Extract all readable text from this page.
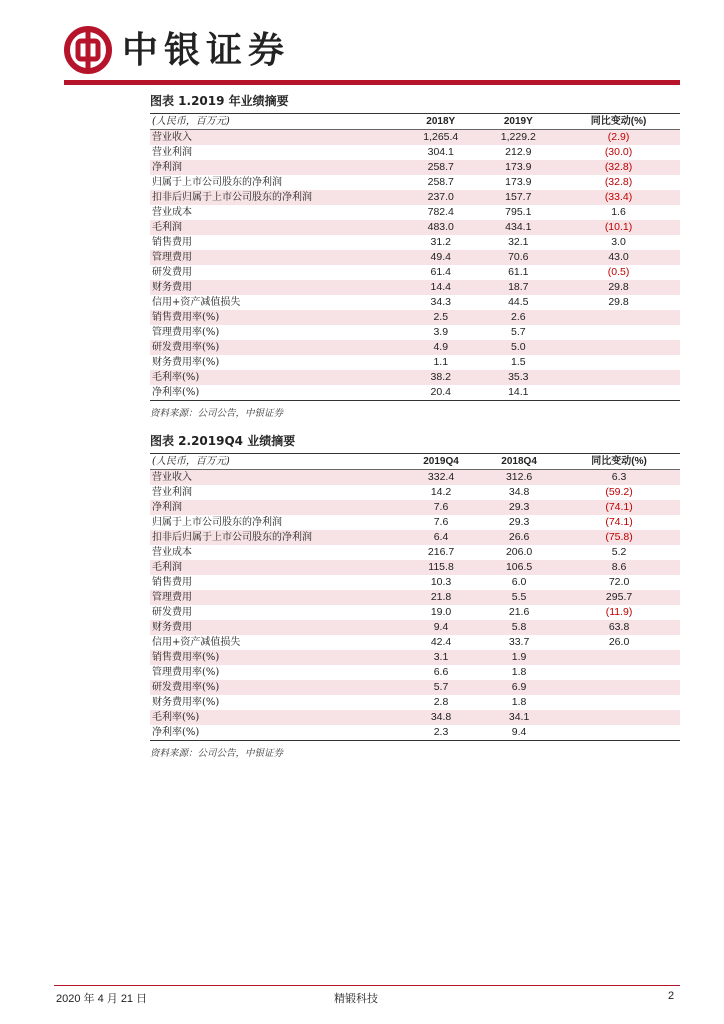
中银证券
图表 1.2019 年业绩摘要
(人民币，百万元)	2018Y	2019Y	同比变动(%)
营业收入	1,265.4	1,229.2	(2.9)
营业利润	304.1	212.9	(30.0)
净利润	258.7	173.9	(32.8)
归属于上市公司股东的净利润	258.7	173.9	(32.8)
扣非后归属于上市公司股东的净利润	237.0	157.7	(33.4)
营业成本	782.4	795.1	1.6
毛利润	483.0	434.1	(10.1)
销售费用	31.2	32.1	3.0
管理费用	49.4	70.6	43.0
研发费用	61.4	61.1	(0.5)
财务费用	14.4	18.7	29.8
信用+资产减值损失	34.3	44.5	29.8
销售费用率(%)	2.5	2.6	
管理费用率(%)	3.9	5.7	
研发费用率(%)	4.9	5.0	
财务费用率(%)	1.1	1.5	
毛利率(%)	38.2	35.3	
净利率(%)	20.4	14.1	
资料来源：公司公告，中银证券
图表 2.2019Q4 业绩摘要
(人民币，百万元)	2019Q4	2018Q4	同比变动(%)
营业收入	332.4	312.6	6.3
营业利润	14.2	34.8	(59.2)
净利润	7.6	29.3	(74.1)
归属于上市公司股东的净利润	7.6	29.3	(74.1)
扣非后归属于上市公司股东的净利润	6.4	26.6	(75.8)
营业成本	216.7	206.0	5.2
毛利润	115.8	106.5	8.6
销售费用	10.3	6.0	72.0
管理费用	21.8	5.5	295.7
研发费用	19.0	21.6	(11.9)
财务费用	9.4	5.8	63.8
信用+资产减值损失	42.4	33.7	26.0
销售费用率(%)	3.1	1.9	
管理费用率(%)	6.6	1.8	
研发费用率(%)	5.7	6.9	
财务费用率(%)	2.8	1.8	
毛利率(%)	34.8	34.1	
净利率(%)	2.3	9.4	
资料来源：公司公告，中银证券
2020 年 4 月 21 日	精锻科技	2
